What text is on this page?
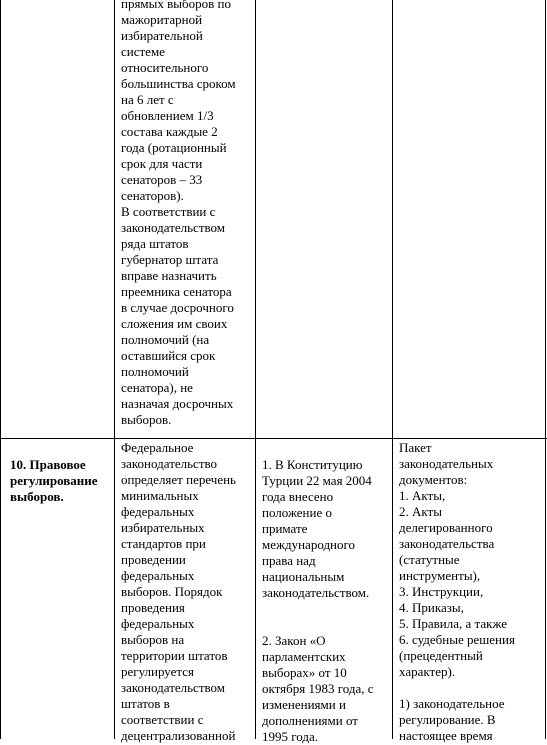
прямых выборов по
мажоритарной
избирательной
системе
относительного
большинства сроком
на 6 лет с
обновлением 1/3
состава каждые 2
года (ротационный
срок для части
сенаторов – 33
сенаторов).
В соответствии с
законодательством
ряда штатов
губернатор штата
вправе назначить
преемника сенатора
в случае досрочного
сложения им своих
полномочий (на
оставшийся срок
полномочий
сенатора), не
назначая досрочных
выборов.
10. Правовое
регулирование
выборов.
Федеральное
законодательство
определяет перечень
минимальных
федеральных
избирательных
стандартов при
проведении
федеральных
выборов. Порядок
проведения
федеральных
выборов на
территории штатов
регулируется
законодательством
штатов в
соответствии с
децентрализованной
1. В Конституцию
Турции 22 мая 2004
года внесено
положение о
примате
международного
права над
национальным
законодательством.

2. Закон «О
парламентских
выборах» от 10
октября 1983 года, с
изменениями и
дополнениями от
1995 года.
Пакет
законодательных
документов:
1. Акты,
2. Акты
делегированного
законодательства
(статутные
инструменты),
3. Инструкции,
4. Приказы,
5. Правила, а также
6. судебные решения
(прецедентный
характер).

1) законодательное
регулирование. В
настоящее время
